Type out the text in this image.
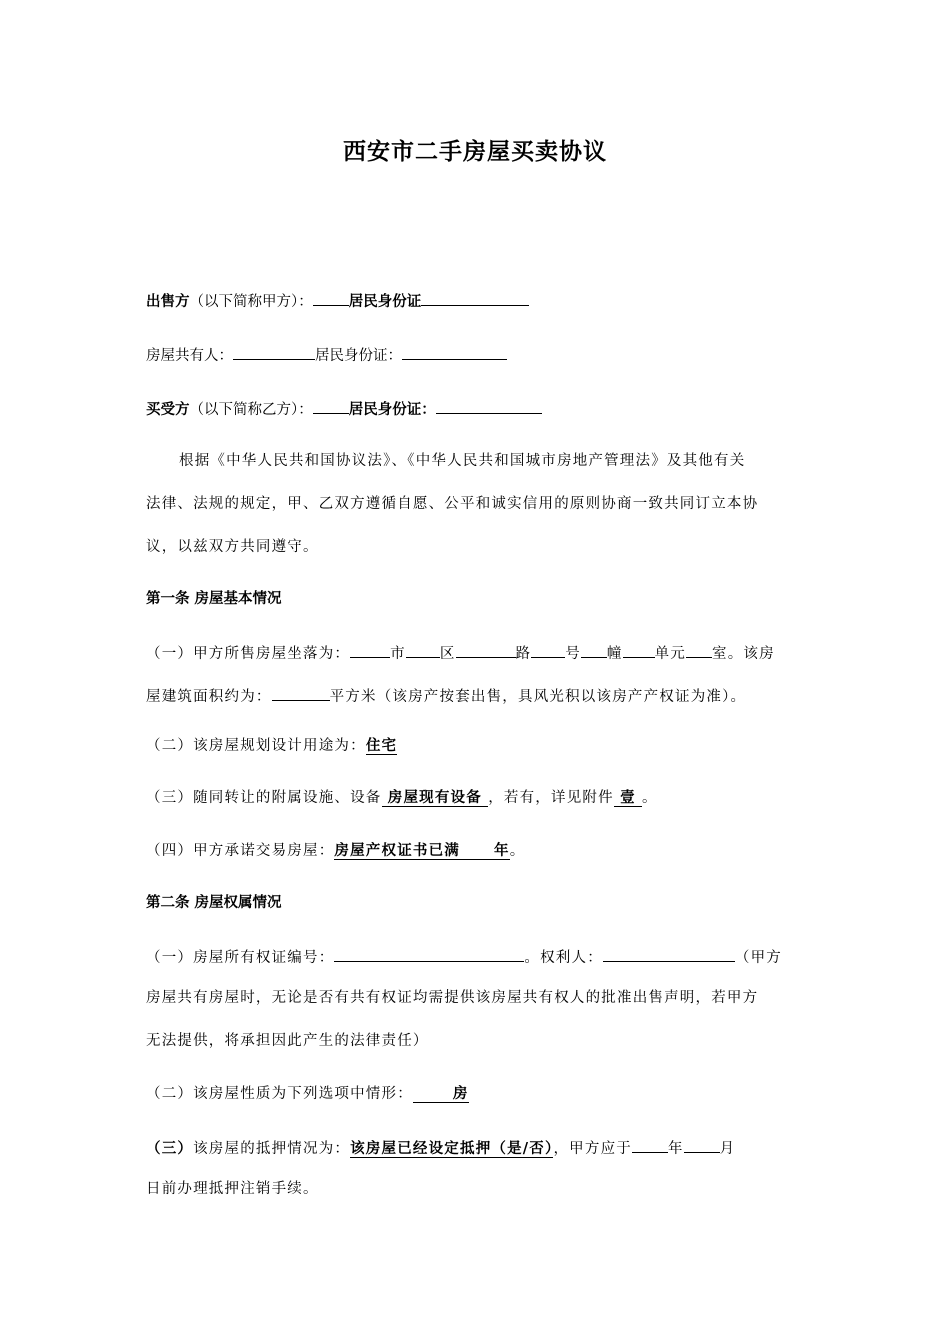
西安市二手房屋买卖协议
出售方（以下简称甲方）： 居民身份证
房屋共有人：	居民身份证：
买受方（以下简称乙方）： 居民身份证：
根据《中华人民共和国协议法》、《中华人民共和国城市房地产管理法》及其他有关
法律、法规的规定，甲、乙双方遵循自愿、公平和诚实信用的原则协商一致共同订立本协
议，以兹双方共同遵守。
第一条 房屋基本情况
（一）甲方所售房屋坐落为：	市 区	路 号 幢 单元 室。该房
屋建筑面积约为：	平方米（该房产按套出售，具风光积以该房产产权证为准）。
（二）该房屋规划设计用途为：住宅
（三）随同转让的附属设施、设备 房屋现有设备 ，若有，详见附件 壹 。
（四）甲方承诺交易房屋：房屋产权证书已满 年。
第二条 房屋权属情况
（一）房屋所有权证编号：	。权利人：	（甲方
房屋共有房屋时，无论是否有共有权证均需提供该房屋共有权人的批准出售声明，若甲方
无法提供，将承担因此产生的法律责任）
（二）该房屋性质为下列选项中情形：	房
（三）该房屋的抵押情况为：该房屋已经设定抵押（是/否），甲方应于 年 月
日前办理抵押注销手续。
